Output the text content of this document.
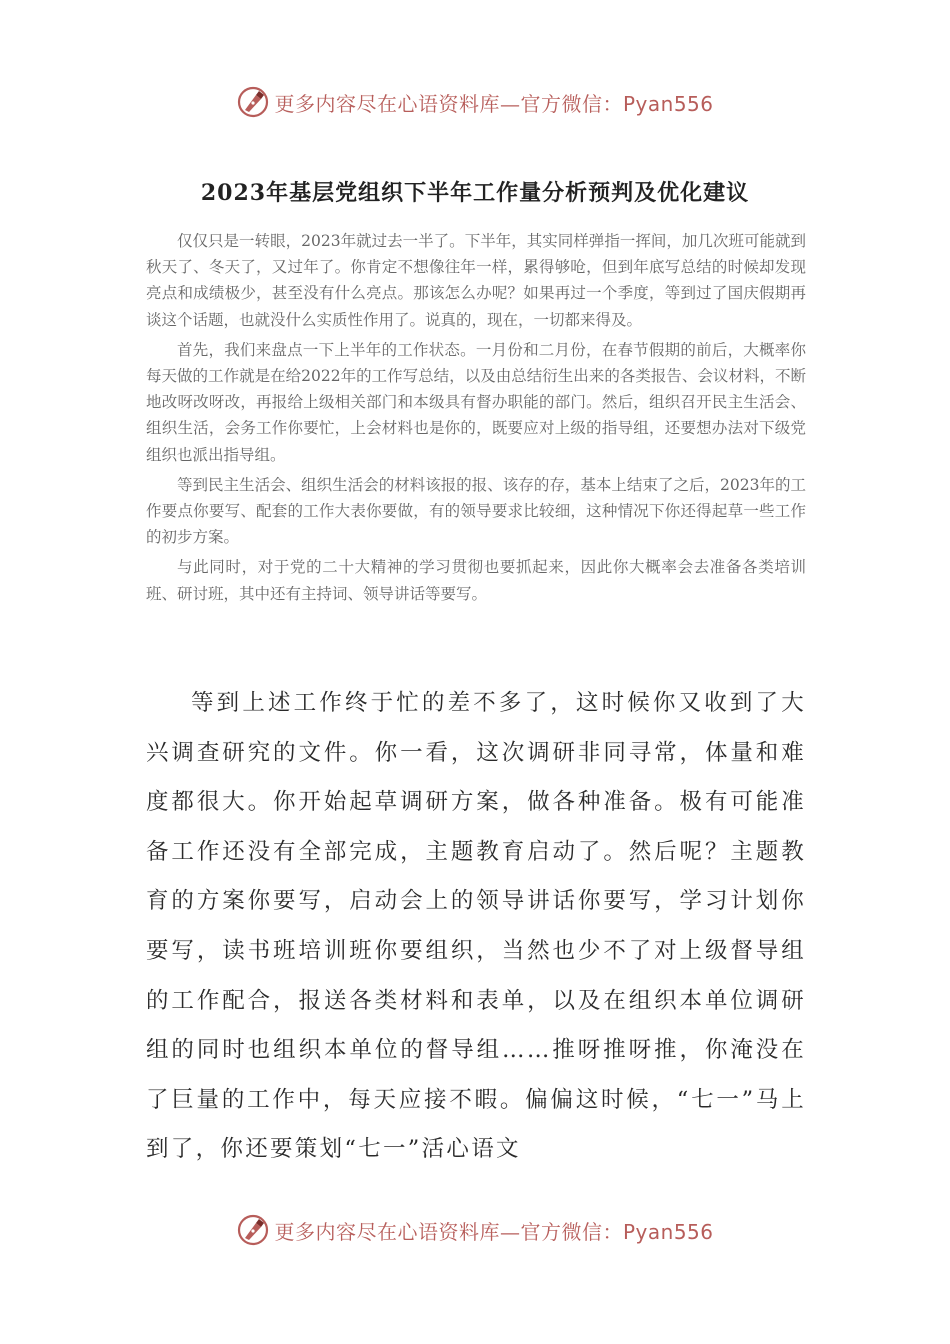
更多内容尽在心语资料库—官方微信：Pyan556
2023年基层党组织下半年工作量分析预判及优化建议

仅仅只是一转眼，2023年就过去一半了。下半年，其实同样弹指一挥间，加几次班可能就到秋天了、冬天了，又过年了。你肯定不想像往年一样，累得够呛，但到年底写总结的时候却发现亮点和成绩极少，甚至没有什么亮点。那该怎么办呢？如果再过一个季度，等到过了国庆假期再谈这个话题，也就没什么实质性作用了。说真的，现在，一切都来得及。

首先，我们来盘点一下上半年的工作状态。一月份和二月份，在春节假期的前后，大概率你每天做的工作就是在给2022年的工作写总结，以及由总结衍生出来的各类报告、会议材料，不断地改呀改呀改，再报给上级相关部门和本级具有督办职能的部门。然后，组织召开民主生活会、组织生活，会务工作你要忙，上会材料也是你的，既要应对上级的指导组，还要想办法对下级党组织也派出指导组。

等到民主生活会、组织生活会的材料该报的报、该存的存，基本上结束了之后，2023年的工作要点你要写、配套的工作大表你要做，有的领导要求比较细，这种情况下你还得起草一些工作的初步方案。

与此同时，对于党的二十大精神的学习贯彻也要抓起来，因此你大概率会去准备各类培训班、研讨班，其中还有主持词、领导讲话等要写。

等到上述工作终于忙的差不多了，这时候你又收到了大兴调查研究的文件。你一看，这次调研非同寻常，体量和难度都很大。你开始起草调研方案，做各种准备。极有可能准备工作还没有全部完成，主题教育启动了。然后呢？主题教育的方案你要写，启动会上的领导讲话你要写，学习计划你要写，读书班培训班你要组织，当然也少不了对上级督导组的工作配合，报送各类材料和表单，以及在组织本单位调研组的同时也组织本单位的督导组……推呀推呀推，你淹没在了巨量的工作中，每天应接不暇。偏偏这时候，“七一”马上到了，你还要策划“七一”活心语文

更多内容尽在心语资料库—官方微信：Pyan556
